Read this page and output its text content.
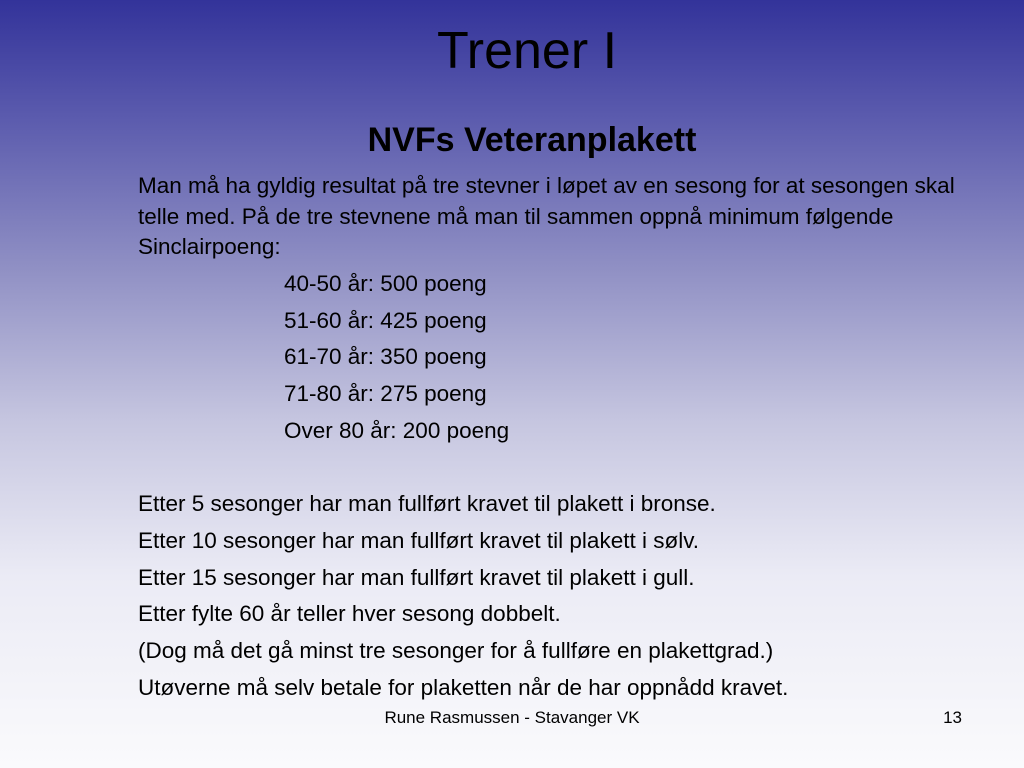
Trener I
NVFs Veteranplakett

Man må ha gyldig resultat på tre stevner i løpet av en sesong for at sesongen skal telle med. På de tre stevnene må man til sammen oppnå minimum følgende Sinclairpoeng:

40-50 år: 500 poeng
51-60 år: 425 poeng
61-70 år: 350 poeng
71-80 år: 275 poeng
Over 80 år: 200 poeng
Etter 5 sesonger har man fullført kravet til plakett i bronse.
Etter 10 sesonger har man fullført kravet til plakett i sølv.
Etter 15 sesonger har man fullført kravet til plakett i gull.
Etter fylte 60 år teller hver sesong dobbelt.
(Dog må det gå minst tre sesonger for å fullføre en plakettgrad.)
Utøverne må selv betale for plaketten når de har oppnådd kravet.
Rune Rasmussen - Stavanger VK	13
